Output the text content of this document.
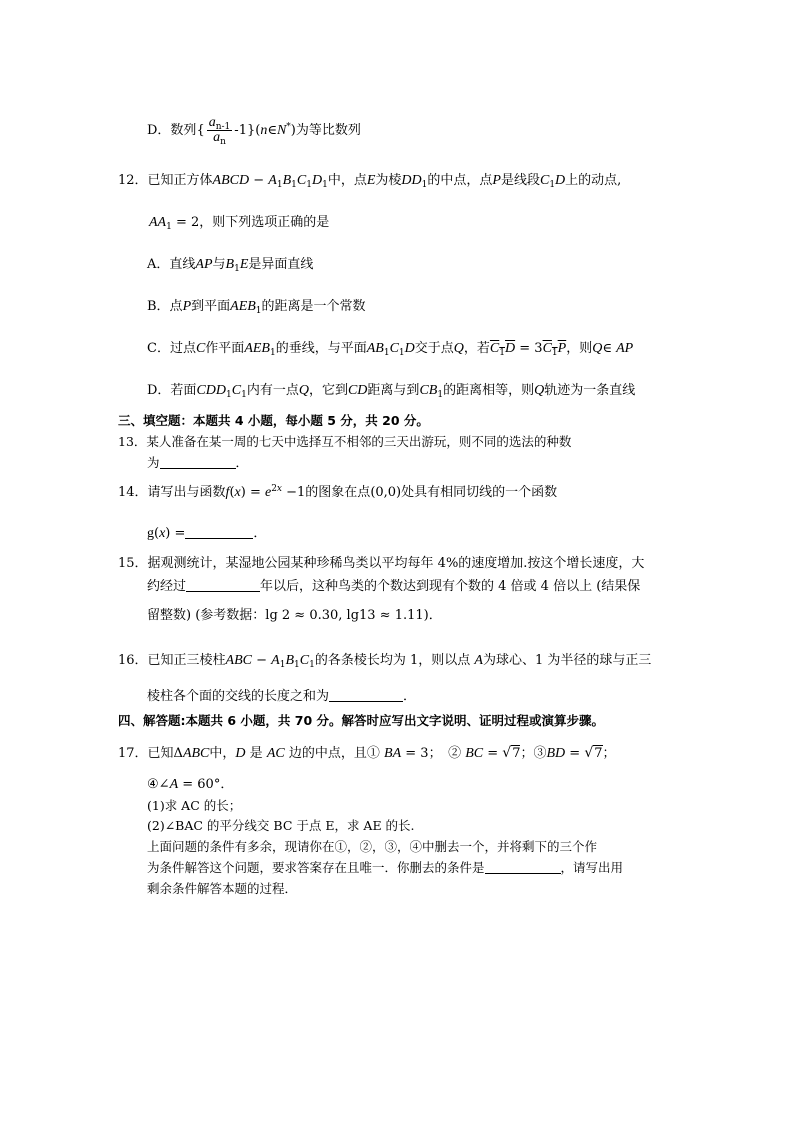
D．数列{ $\frac{a_{n-1}}{a_n}$ -1}(n∈N*)为等比数列
12．已知正方体ABCD − $A_1B_1C_1D_1$中，点E为棱$DD_1$的中点，点P是线段$C_1D$上的动点,
$AA_1 = 2$，则下列选项正确的是
A．直线AP与$B_1E$是异面直线
B．点P到平面$AEB_1$的距离是一个常数
C．过点C作平面$AEB_1$的垂线，与平面$AB_1C_1D$交于点Q，若$C_1D = 3C_1P$，则Q∈ AP
D．若面$CDD_1C_1$内有一点Q，它到CD距离与到$CB_1$的距离相等，则Q轨迹为一条直线
三、填空题：本题共 4 小题，每小题 5 分，共 20 分。
13．某人准备在某一周的七天中选择互不相邻的三天出游玩，则不同的选法的种数
为	．
14．请写出与函数$f(x) = e^{2x} -1$的图象在点(0,0)处具有相同切线的一个函数
g(x) =	．
15．据观测统计，某湿地公园某种珍稀鸟类以平均每年 4%的速度增加.按这个增长速度，大
约经过	年以后，这种鸟类的个数达到现有个数的 4 倍或 4 倍以上 (结果保
留整数) (参考数据：lg 2 ≈ 0.30, lg13 ≈ 1.11)．
16．已知正三棱柱ABC − $A_1B_1C_1$的各条棱长均为 1，则以点 A为球心、1 为半径的球与正三
棱柱各个面的交线的长度之和为	．
四、解答题:本题共 6 小题，共 70 分。解答时应写出文字说明、证明过程或演算步骤。
17．已知ΔABC中，D 是 AC 边的中点，且① BA = 3；　② BC = √7；③BD = √7；
④∠A = 60°．
(1)求 AC 的长；
(2)∠BAC 的平分线交 BC 于点 E，求 AE 的长.
上面问题的条件有多余，现请你在①，②，③，④中删去一个，并将剩下的三个作
为条件解答这个问题，要求答案存在且唯一．你删去的条件是	，请写出用
剩余条件解答本题的过程．
